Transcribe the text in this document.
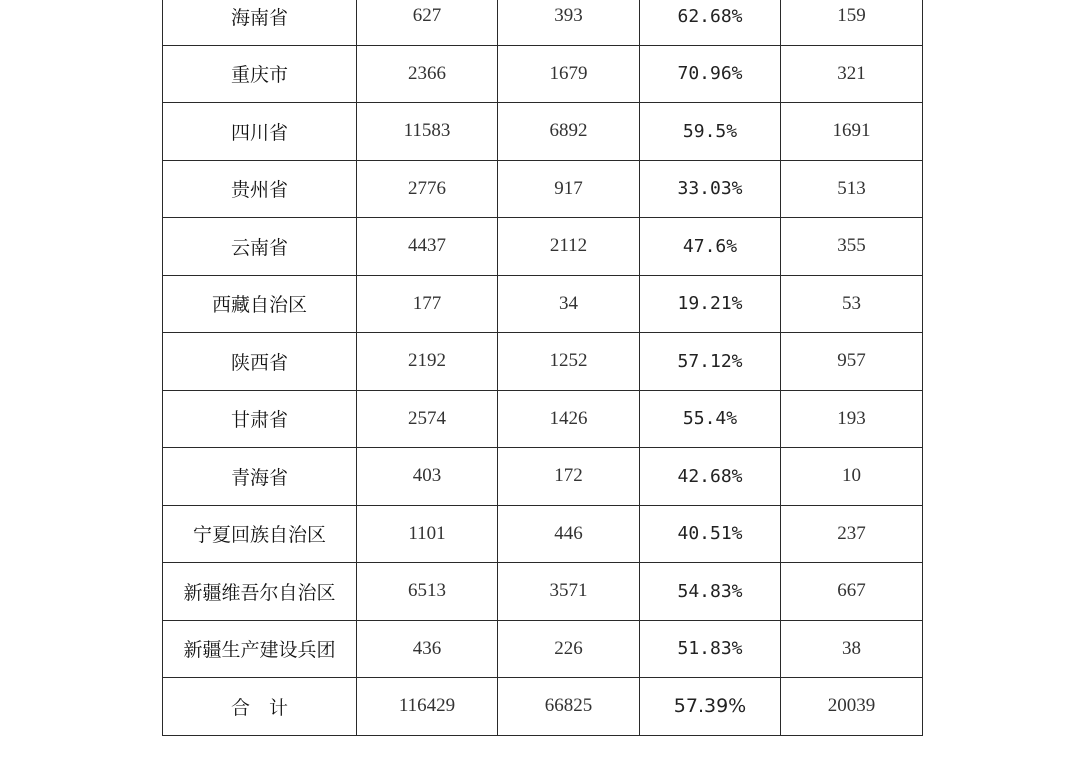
海南省	627	393	62.68%	159
重庆市	2366	1679	70.96%	321
四川省	11583	6892	59.5%	1691
贵州省	2776	917	33.03%	513
云南省	4437	2112	47.6%	355
西藏自治区	177	34	19.21%	53
陕西省	2192	1252	57.12%	957
甘肃省	2574	1426	55.4%	193
青海省	403	172	42.68%	10
宁夏回族自治区	1101	446	40.51%	237
新疆维吾尔自治区	6513	3571	54.83%	667
新疆生产建设兵团	436	226	51.83%	38
合　计	116429	66825	57.39%	20039
